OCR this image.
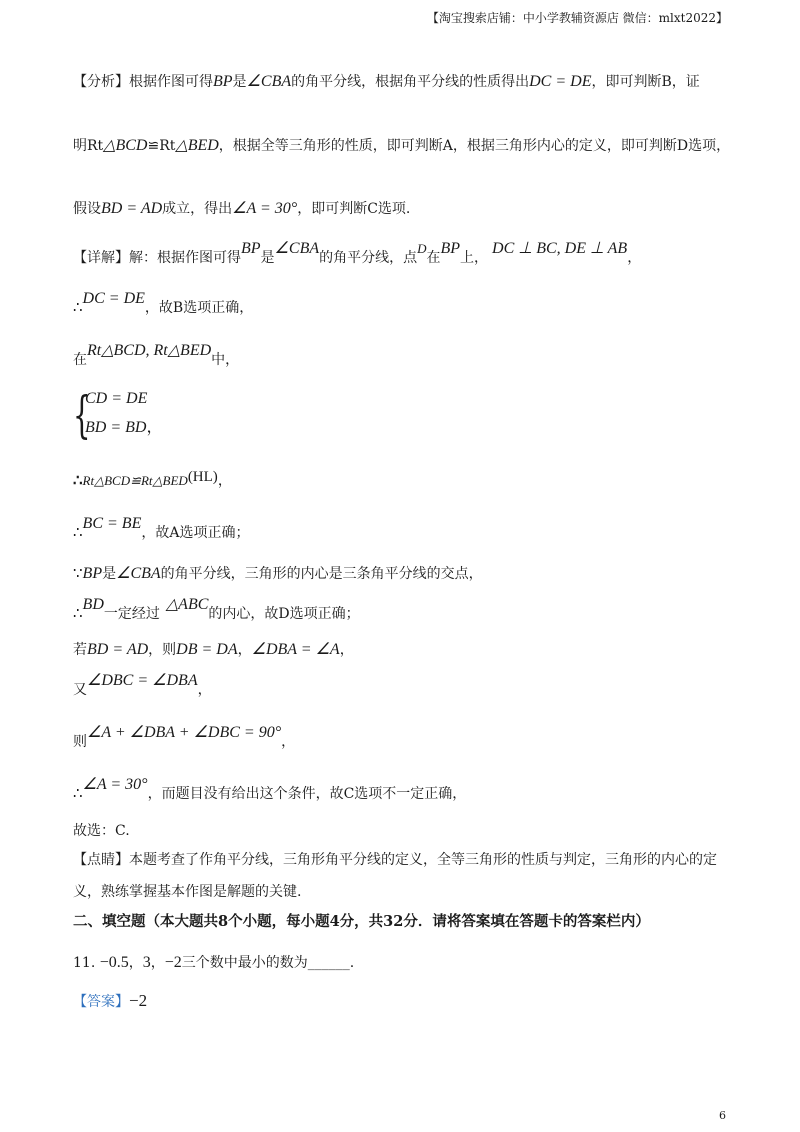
【淘宝搜索店铺：中小学教辅资源店 微信：mlxt2022】
【分析】根据作图可得BP是∠CBA的角平分线，根据角平分线的性质得出DC = DE，即可判断B，证
明Rt△BCD≌Rt△BED，根据全等三角形的性质，即可判断A，根据三角形内心的定义，即可判断D选项，
假设BD = AD成立，得出∠A = 30°，即可判断C选项.
【详解】解：根据作图可得BP是∠CBA的角平分线，点D在BP上，DC ⊥ BC, DE ⊥ AB，
∴DC = DE，故B选项正确，
在Rt△BCD, Rt△BED中，
{
CD = DE
BD = BD，
∴Rt△BCD≌Rt△BED(HL)，
∴BC = BE，故A选项正确；
∵BP是∠CBA的角平分线，三角形的内心是三条角平分线的交点，
∴BD一定经过△ABC的内心，故D选项正确；
若BD = AD，则DB = DA，∠DBA = ∠A，
又∠DBC = ∠DBA，
则∠A + ∠DBA + ∠DBC = 90°，
∴∠A = 30°，而题目没有给出这个条件，故C选项不一定正确，
故选：C.
【点睛】本题考查了作角平分线，三角形角平分线的定义，全等三角形的性质与判定，三角形的内心的定
义，熟练掌握基本作图是解题的关键.
二、填空题（本大题共8个小题，每小题4分，共32分．请将答案填在答题卡的答案栏内）
11. −0.5，3，−2三个数中最小的数为______.
【答案】−2
6
